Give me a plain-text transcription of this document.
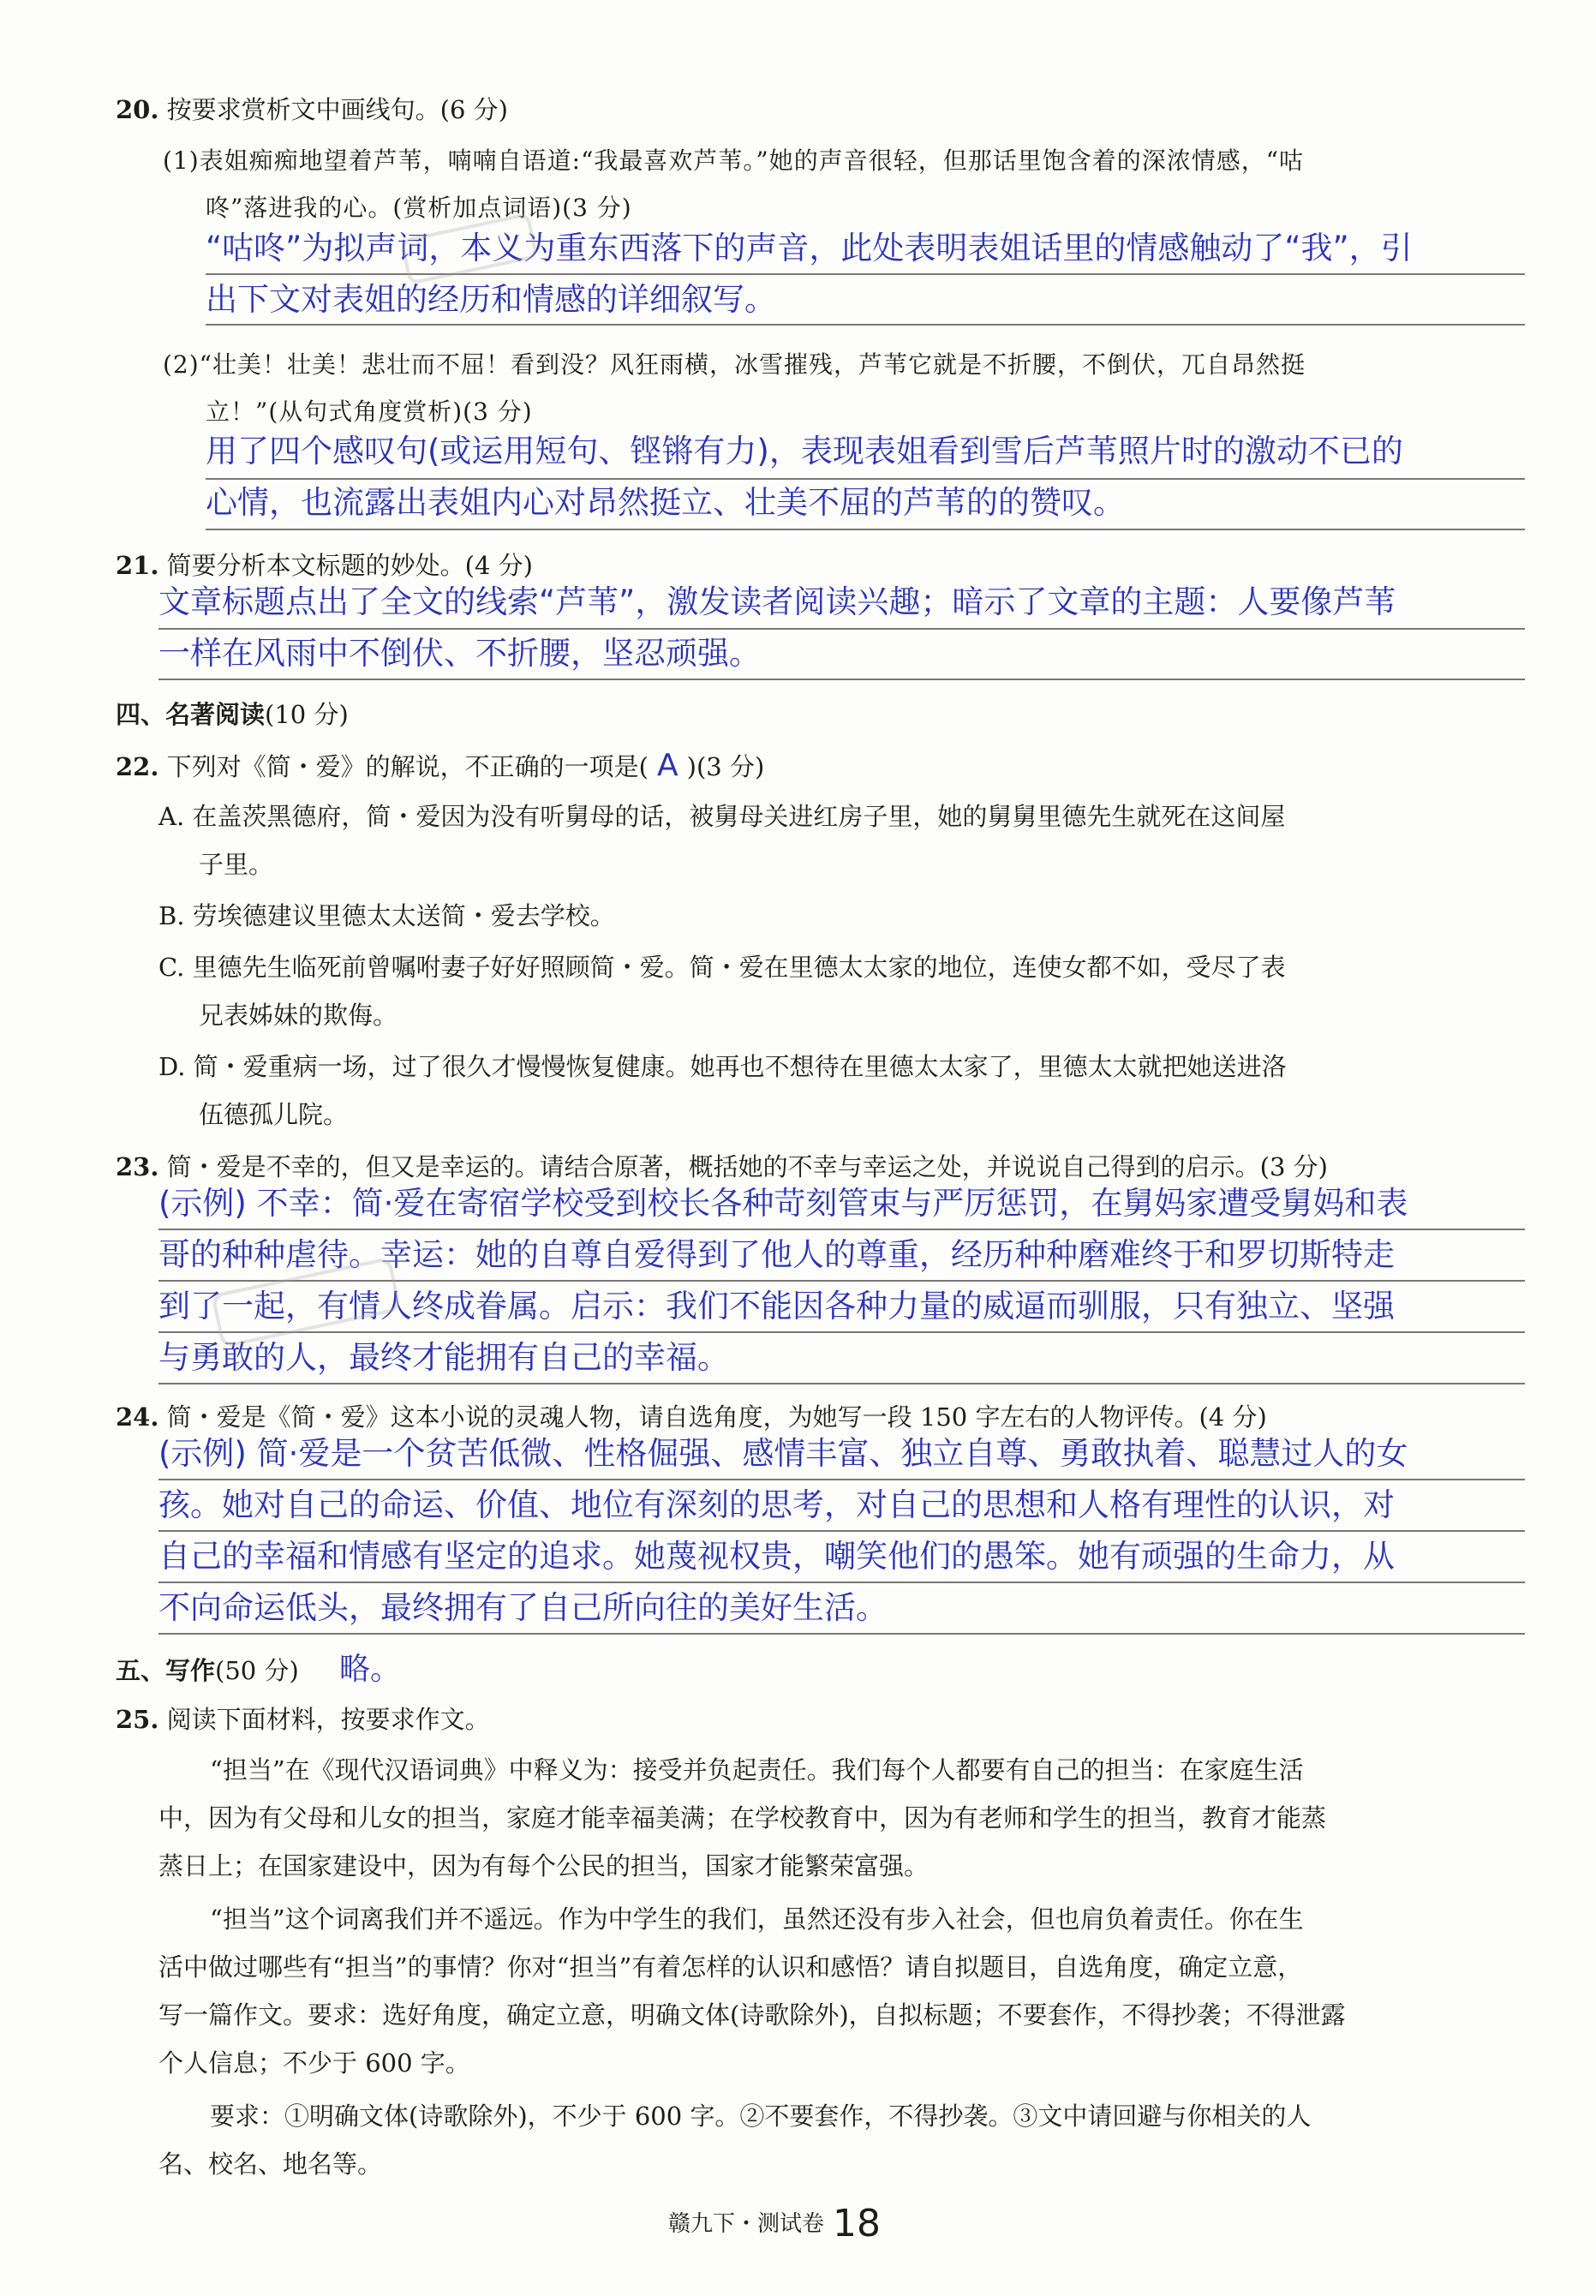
20. 按要求赏析文中画线句。(6 分)
(1)表姐痴痴地望着芦苇，喃喃自语道:“我最喜欢芦苇。”她的声音很轻，但那话里饱含着的深浓情感，“咕
咚”落进我的心。(赏析加点词语)(3 分)
“咕咚”为拟声词，本义为重东西落下的声音，此处表明表姐话里的情感触动了“我”，引
出下文对表姐的经历和情感的详细叙写。
(2)“壮美！壮美！悲壮而不屈！看到没？风狂雨横，冰雪摧残，芦苇它就是不折腰，不倒伏，兀自昂然挺
立！”(从句式角度赏析)(3 分)
用了四个感叹句(或运用短句、铿锵有力)，表现表姐看到雪后芦苇照片时的激动不已的
心情，也流露出表姐内心对昂然挺立、壮美不屈的芦苇的的赞叹。
21. 简要分析本文标题的妙处。(4 分)
文章标题点出了全文的线索“芦苇”，激发读者阅读兴趣；暗示了文章的主题：人要像芦苇
一样在风雨中不倒伏、不折腰，坚忍顽强。
四、名著阅读(10 分)
22. 下列对《简・爱》的解说，不正确的一项是( A )(3 分)
A. 在盖茨黑德府，简・爱因为没有听舅母的话，被舅母关进红房子里，她的舅舅里德先生就死在这间屋
子里。
B. 劳埃德建议里德太太送简・爱去学校。
C. 里德先生临死前曾嘱咐妻子好好照顾简・爱。简・爱在里德太太家的地位，连使女都不如，受尽了表
兄表姊妹的欺侮。
D. 简・爱重病一场，过了很久才慢慢恢复健康。她再也不想待在里德太太家了，里德太太就把她送进洛
伍德孤儿院。
23. 简・爱是不幸的，但又是幸运的。请结合原著，概括她的不幸与幸运之处，并说说自己得到的启示。(3 分)
(示例) 不幸：简·爱在寄宿学校受到校长各种苛刻管束与严厉惩罚，在舅妈家遭受舅妈和表
哥的种种虐待。幸运：她的自尊自爱得到了他人的尊重，经历种种磨难终于和罗切斯特走
到了一起，有情人终成眷属。启示：我们不能因各种力量的威逼而驯服，只有独立、坚强
与勇敢的人，最终才能拥有自己的幸福。
24. 简・爱是《简・爱》这本小说的灵魂人物，请自选角度，为她写一段 150 字左右的人物评传。(4 分)
(示例) 简·爱是一个贫苦低微、性格倔强、感情丰富、独立自尊、勇敢执着、聪慧过人的女
孩。她对自己的命运、价值、地位有深刻的思考，对自己的思想和人格有理性的认识，对
自己的幸福和情感有坚定的追求。她蔑视权贵，嘲笑他们的愚笨。她有顽强的生命力，从
不向命运低头，最终拥有了自己所向往的美好生活。
五、写作(50 分) 略。
25. 阅读下面材料，按要求作文。
“担当”在《现代汉语词典》中释义为：接受并负起责任。我们每个人都要有自己的担当：在家庭生活
中，因为有父母和儿女的担当，家庭才能幸福美满；在学校教育中，因为有老师和学生的担当，教育才能蒸
蒸日上；在国家建设中，因为有每个公民的担当，国家才能繁荣富强。
“担当”这个词离我们并不遥远。作为中学生的我们，虽然还没有步入社会，但也肩负着责任。你在生
活中做过哪些有“担当”的事情？你对“担当”有着怎样的认识和感悟？请自拟题目，自选角度，确定立意，
写一篇作文。要求：选好角度，确定立意，明确文体(诗歌除外)，自拟标题；不要套作，不得抄袭；不得泄露
个人信息；不少于 600 字。
要求：①明确文体(诗歌除外)，不少于 600 字。②不要套作，不得抄袭。③文中请回避与你相关的人
名、校名、地名等。
赣九下・测试卷 18
